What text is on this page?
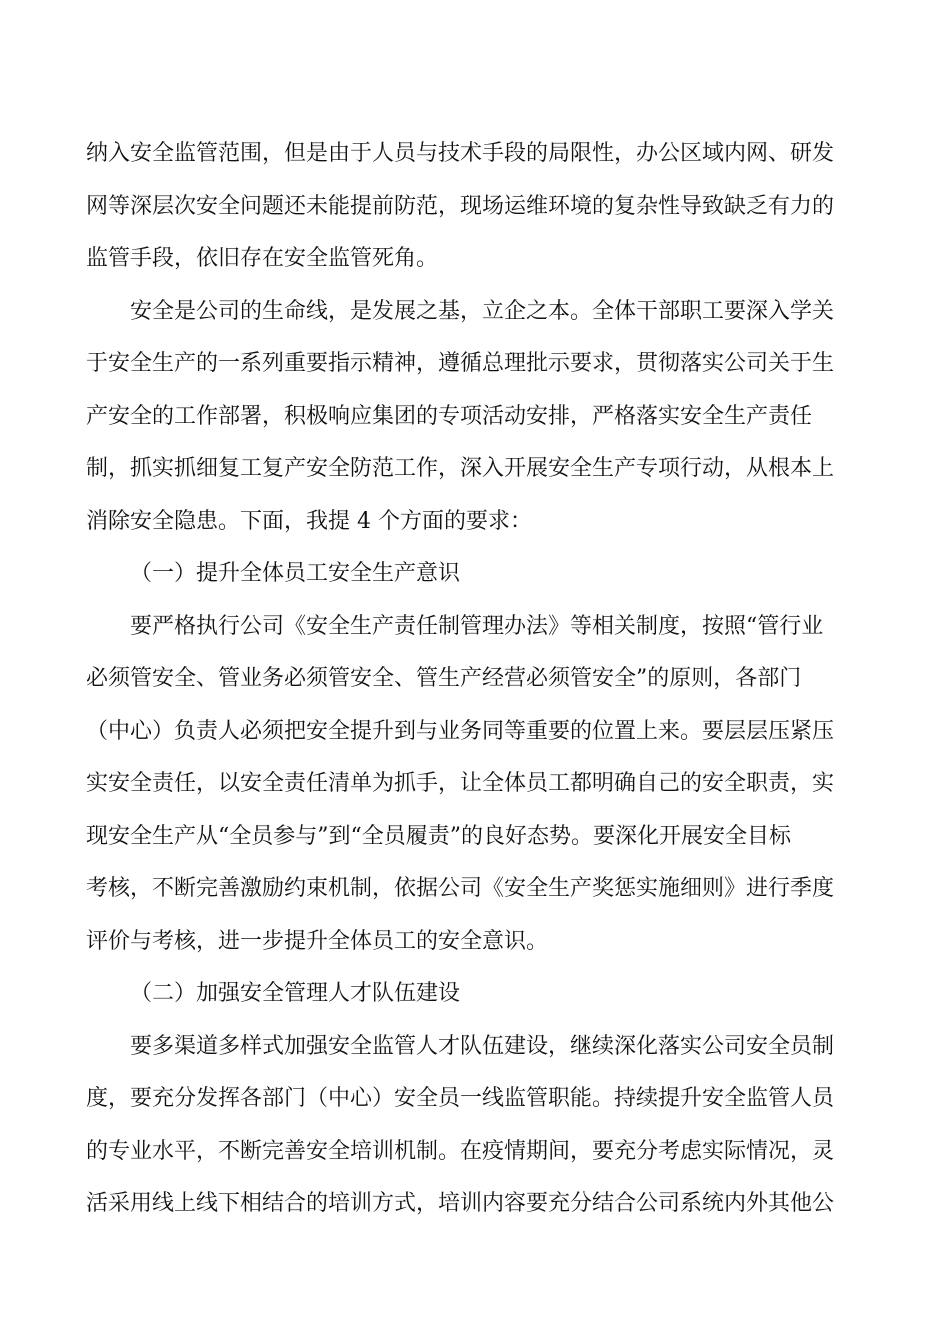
纳入安全监管范围，但是由于人员与技术手段的局限性，办公区域内网、研发
网等深层次安全问题还未能提前防范，现场运维环境的复杂性导致缺乏有力的
监管手段，依旧存在安全监管死角。
安全是公司的生命线，是发展之基，立企之本。全体干部职工要深入学关
于安全生产的一系列重要指示精神，遵循总理批示要求，贯彻落实公司关于生
产安全的工作部署，积极响应集团的专项活动安排，严格落实安全生产责任
制，抓实抓细复工复产安全防范工作，深入开展安全生产专项行动，从根本上
消除安全隐患。下面，我提 4 个方面的要求：
（一）提升全体员工安全生产意识
要严格执行公司《安全生产责任制管理办法》等相关制度，按照“管行业
必须管安全、管业务必须管安全、管生产经营必须管安全”的原则，各部门
（中心）负责人必须把安全提升到与业务同等重要的位置上来。要层层压紧压
实安全责任，以安全责任清单为抓手，让全体员工都明确自己的安全职责，实
现安全生产从“全员参与”到“全员履责”的良好态势。要深化开展安全目标
考核，不断完善激励约束机制，依据公司《安全生产奖惩实施细则》进行季度
评价与考核，进一步提升全体员工的安全意识。
（二）加强安全管理人才队伍建设
要多渠道多样式加强安全监管人才队伍建设，继续深化落实公司安全员制
度，要充分发挥各部门（中心）安全员一线监管职能。持续提升安全监管人员
的专业水平，不断完善安全培训机制。在疫情期间，要充分考虑实际情况，灵
活采用线上线下相结合的培训方式，培训内容要充分结合公司系统内外其他公
